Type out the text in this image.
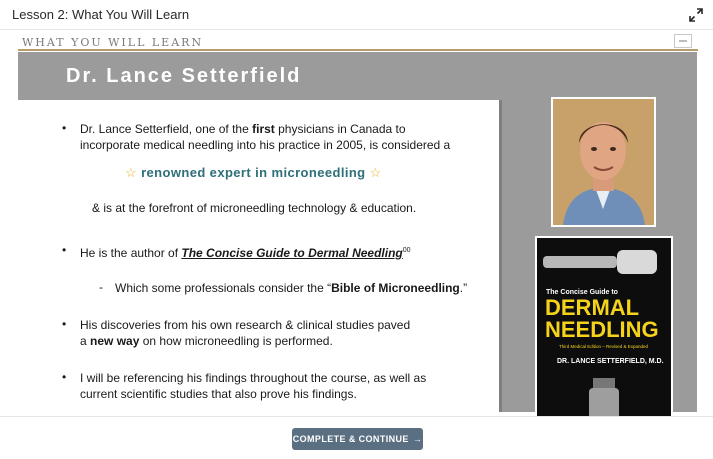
Lesson 2: What You Will Learn
WHAT YOU WILL LEARN
Dr. Lance Setterfield
• Dr. Lance Setterfield, one of the first physicians in Canada to
incorporate medical needling into his practice in 2005, is considered a
☆ renowned expert in microneedling ☆
& is at the forefront of microneedling technology & education.
• He is the author of The Concise Guide to Dermal Needling$^{00}$
- Which some professionals consider the “Bible of Microneedling.”
• His discoveries from his own research & clinical studies paved
a new way on how microneedling is performed.
• I will be referencing his findings throughout the course, as well as
current scientific studies that also prove his findings.
The Concise Guide to
DERMAL
NEEDLING
Third Medical Edition – Revised & Expanded
DR. LANCE SETTERFIELD, M.D.
COMPLETE & CONTINUE →
